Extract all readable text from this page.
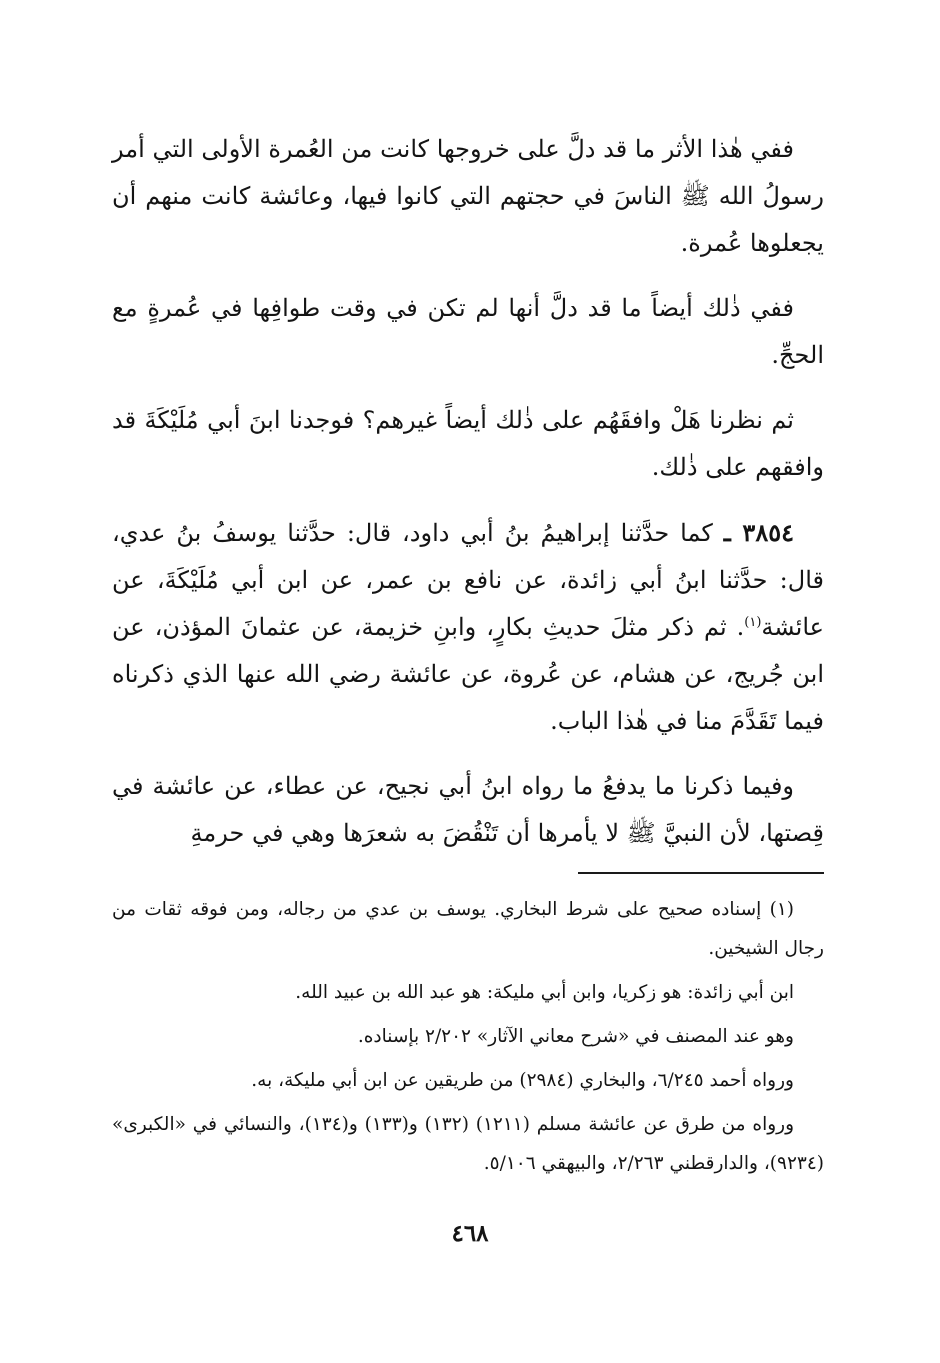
ففي هٰذا الأثر ما قد دلَّ على خروجها كانت من العُمرة الأولى التي أمر رسولُ الله ﷺ الناسَ في حجتهم التي كانوا فيها، وعائشة كانت منهم أن يجعلوها عُمرة.

ففي ذٰلك أيضاً ما قد دلَّ أنها لم تكن في وقت طوافِها في عُمرةٍ مع الحجِّ.

ثم نظرنا هَلْ وافقَهُم على ذٰلك أيضاً غيرهم؟ فوجدنا ابنَ أبي مُلَيْكَةَ قد وافقهم على ذٰلك.

٣٨٥٤ ـ كما حدَّثنا إبراهيمُ بنُ أبي داود، قال: حدَّثنا يوسفُ بنُ عدي، قال: حدَّثنا ابنُ أبي زائدة، عن نافع بن عمر، عن ابن أبي مُلَيْكَةَ، عن عائشة$^{(١)}$. ثم ذكر مثلَ حديثِ بكارٍ، وابنِ خزيمة، عن عثمانَ المؤذن، عن ابن جُريج، عن هشام، عن عُروة، عن عائشة رضي الله عنها الذي ذكرناه فيما تَقَدَّمَ منا في هٰذا الباب.

وفيما ذكرنا ما يدفعُ ما رواه ابنُ أبي نجيح، عن عطاء، عن عائشة في قِصتها، لأن النبيَّ ﷺ لا يأمرها أن تَنْقُضَ به شعرَها وهي في حرمةِ

(١) إسناده صحيح على شرط البخاري. يوسف بن عدي من رجاله، ومن فوقه ثقات من رجال الشيخين.

ابن أبي زائدة: هو زكريا، وابن أبي مليكة: هو عبد الله بن عبيد الله.

وهو عند المصنف في «شرح معاني الآثار» ٢/٢٠٢ بإسناده.

ورواه أحمد ٦/٢٤٥، والبخاري (٢٩٨٤) من طريقين عن ابن أبي مليكة، به.

ورواه من طرق عن عائشة مسلم (١٢١١) (١٣٢) و(١٣٣) و(١٣٤)، والنسائي في «الكبرى» (٩٢٣٤)، والدارقطني ٢/٢٦٣، والبيهقي ٥/١٠٦.

٤٦٨
